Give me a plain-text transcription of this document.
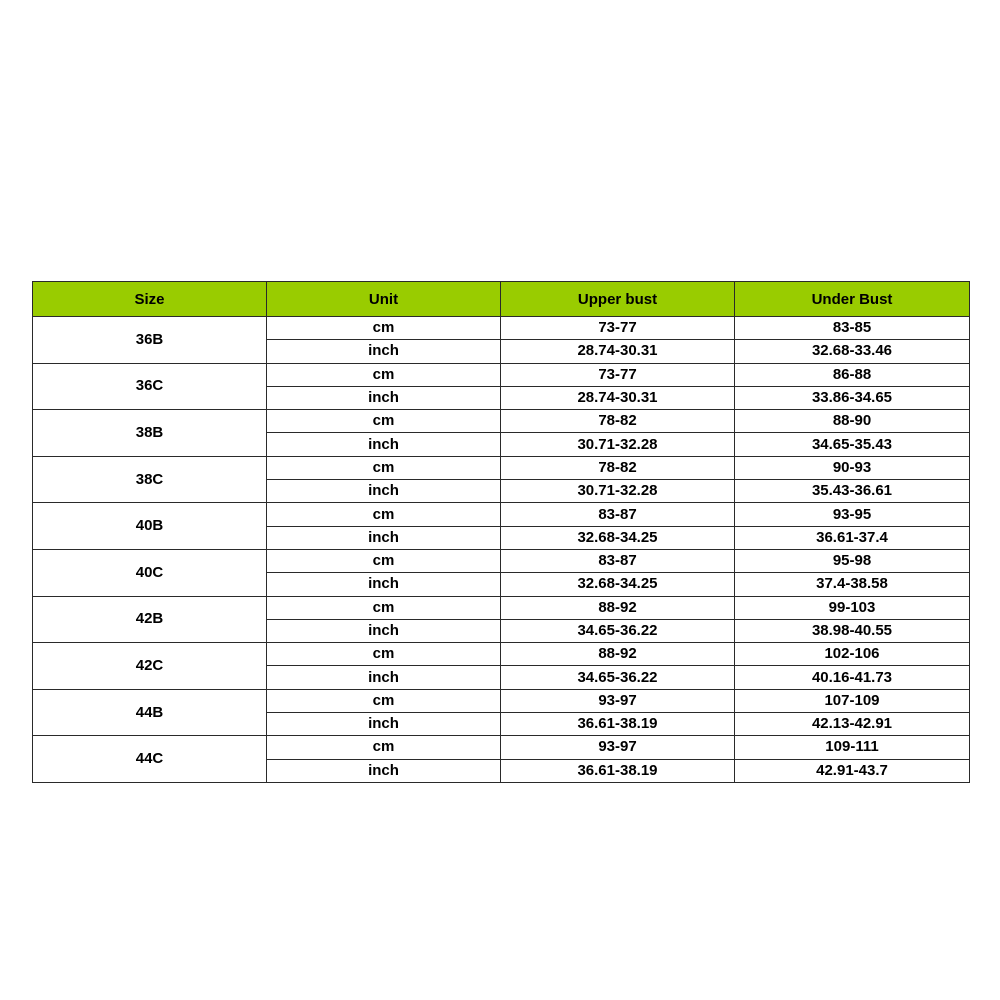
Size	Unit	Upper bust	Under Bust
36B	cm	73-77	83-85
	inch	28.74-30.31	32.68-33.46
36C	cm	73-77	86-88
	inch	28.74-30.31	33.86-34.65
38B	cm	78-82	88-90
	inch	30.71-32.28	34.65-35.43
38C	cm	78-82	90-93
	inch	30.71-32.28	35.43-36.61
40B	cm	83-87	93-95
	inch	32.68-34.25	36.61-37.4
40C	cm	83-87	95-98
	inch	32.68-34.25	37.4-38.58
42B	cm	88-92	99-103
	inch	34.65-36.22	38.98-40.55
42C	cm	88-92	102-106
	inch	34.65-36.22	40.16-41.73
44B	cm	93-97	107-109
	inch	36.61-38.19	42.13-42.91
44C	cm	93-97	109-111
	inch	36.61-38.19	42.91-43.7
